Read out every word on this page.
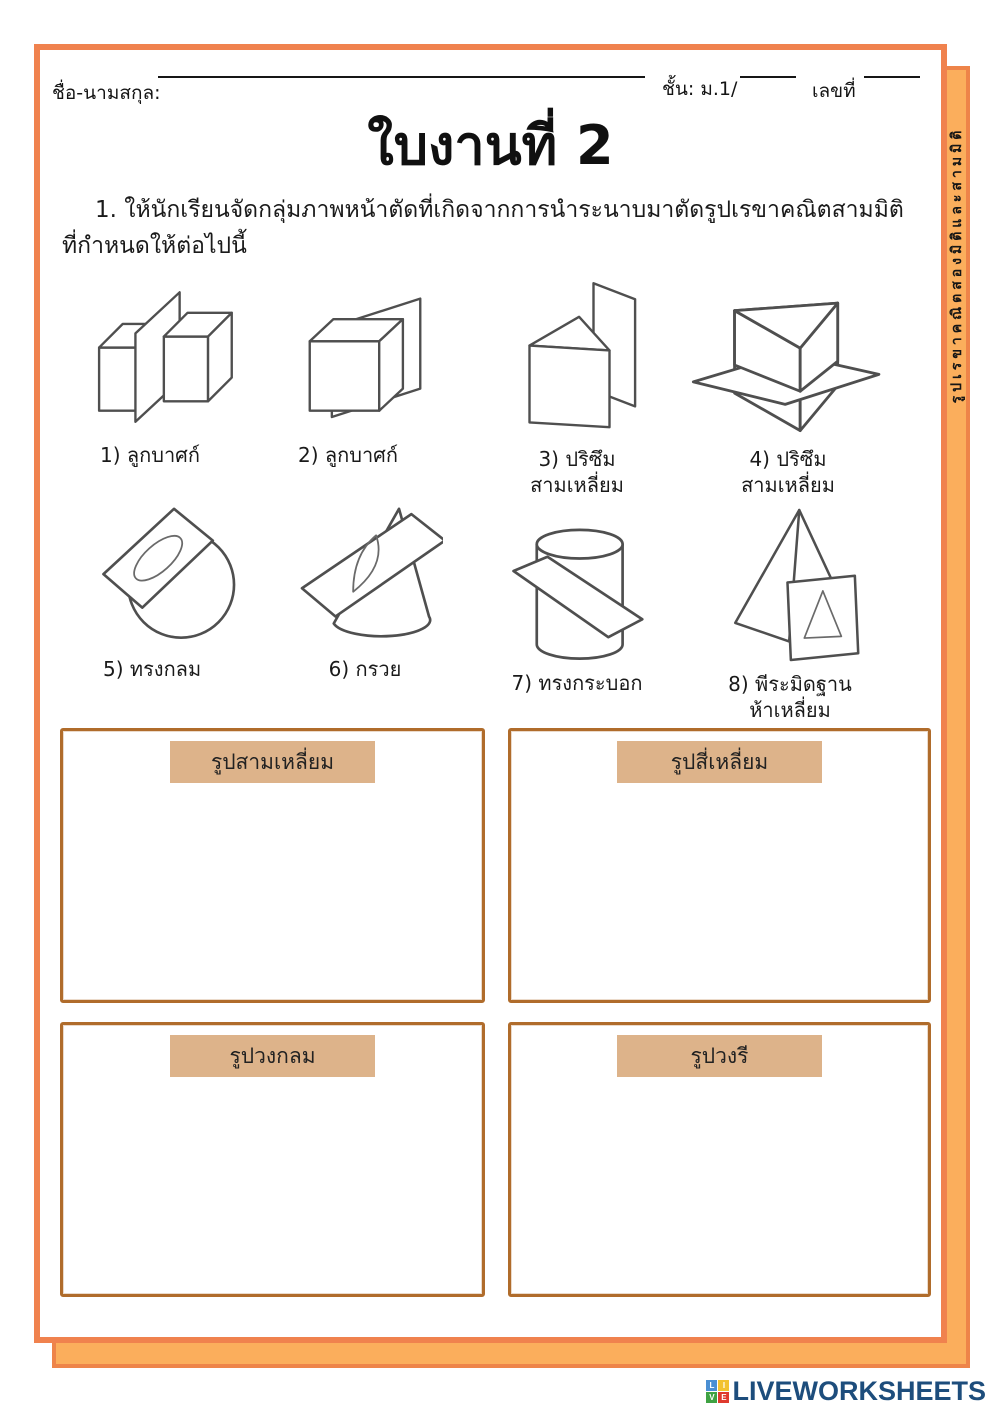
รูปเรขาคณิตสองมิติและสามมิติ
ชื่อ-นามสกุล:	ชั้น: ม.1/	เลขที่
ใบงานที่ 2
1. ให้นักเรียนจัดกลุ่มภาพหน้าตัดที่เกิดจากการนำระนาบมาตัดรูปเรขาคณิตสามมิติ
ที่กำหนดให้ต่อไปนี้
1) ลูกบาศก์	2) ลูกบาศก์	3) ปริซึม
สามเหลี่ยม
4) ปริซึม
สามเหลี่ยม
5) ทรงกลม	6) กรวย
7) ทรงกระบอก	8) พีระมิดฐาน
ห้าเหลี่ยม
รูปสามเหลี่ยม	รูปสี่เหลี่ยม
รูปวงกลม	รูปวงรี
L	I
V E LIVEWORKSHEETS
